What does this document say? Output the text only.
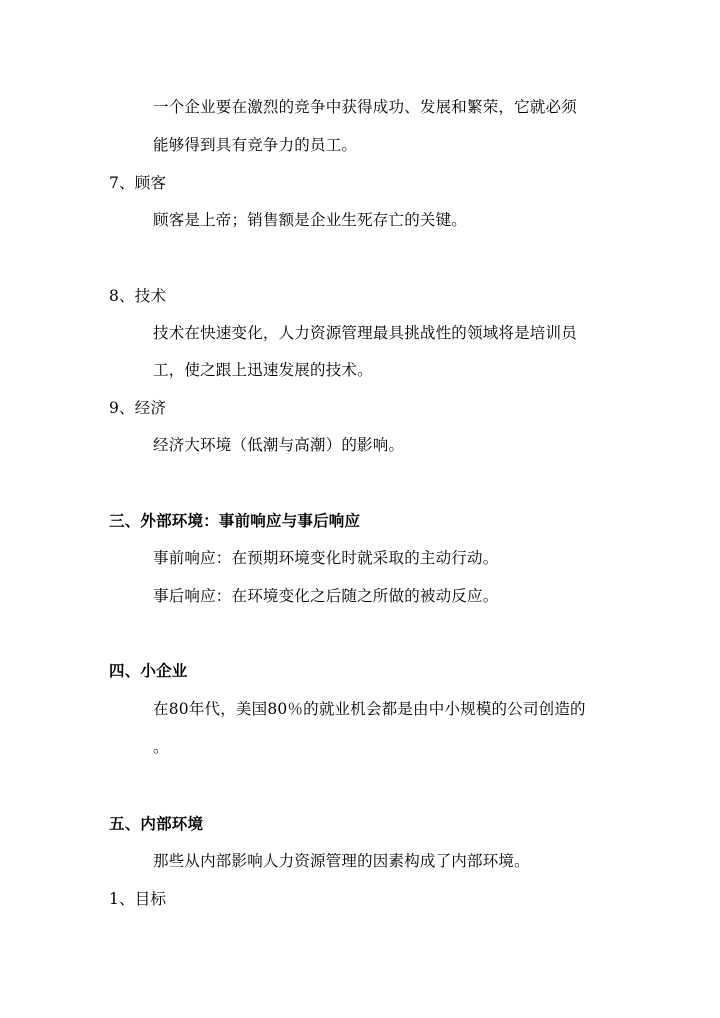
一个企业要在激烈的竞争中获得成功、发展和繁荣，它就必须
能够得到具有竞争力的员工。
7、顾客
顾客是上帝；销售额是企业生死存亡的关键。
8、技术
技术在快速变化，人力资源管理最具挑战性的领域将是培训员
工，使之跟上迅速发展的技术。
9、经济
经济大环境（低潮与高潮）的影响。
三、外部环境：事前响应与事后响应
事前响应：在预期环境变化时就采取的主动行动。
事后响应：在环境变化之后随之所做的被动反应。
四、小企业
在80年代，美国80％的就业机会都是由中小规模的公司创造的
。
五、内部环境
那些从内部影响人力资源管理的因素构成了内部环境。
1、目标
